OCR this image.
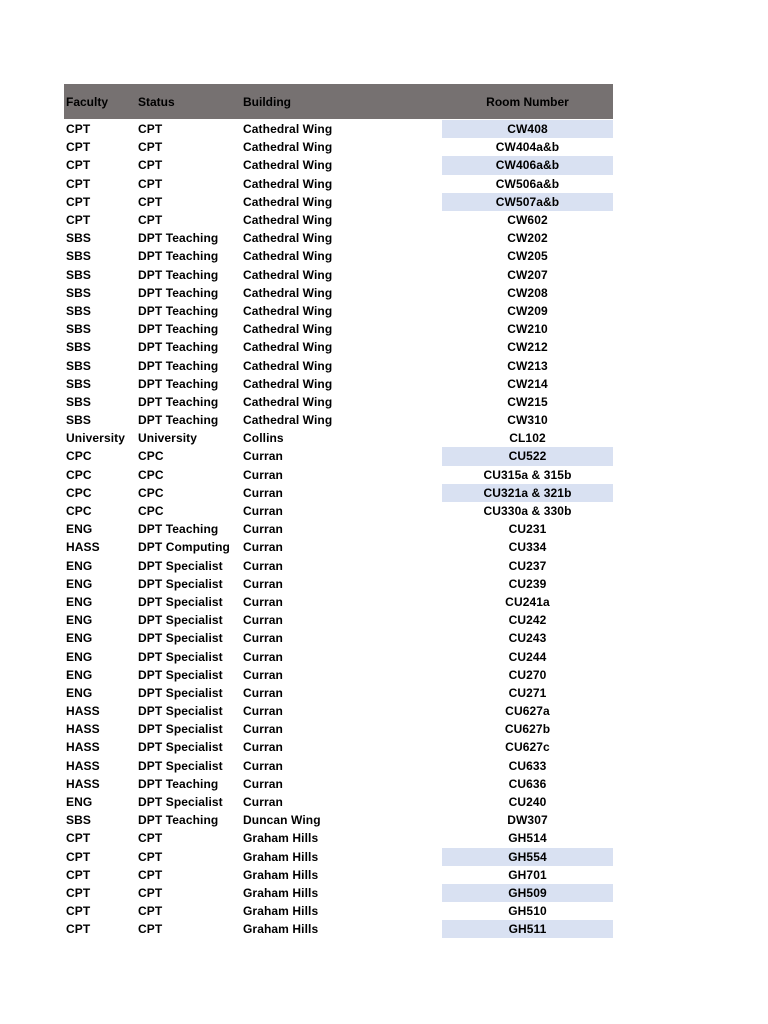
Faculty	Status	Building	Room Number
CPT	CPT	Cathedral Wing	CW408
CPT	CPT	Cathedral Wing	CW404a&b
CPT	CPT	Cathedral Wing	CW406a&b
CPT	CPT	Cathedral Wing	CW506a&b
CPT	CPT	Cathedral Wing	CW507a&b
CPT	CPT	Cathedral Wing	CW602
SBS	DPT Teaching	Cathedral Wing	CW202
SBS	DPT Teaching	Cathedral Wing	CW205
SBS	DPT Teaching	Cathedral Wing	CW207
SBS	DPT Teaching	Cathedral Wing	CW208
SBS	DPT Teaching	Cathedral Wing	CW209
SBS	DPT Teaching	Cathedral Wing	CW210
SBS	DPT Teaching	Cathedral Wing	CW212
SBS	DPT Teaching	Cathedral Wing	CW213
SBS	DPT Teaching	Cathedral Wing	CW214
SBS	DPT Teaching	Cathedral Wing	CW215
SBS	DPT Teaching	Cathedral Wing	CW310
University	University	Collins	CL102
CPC	CPC	Curran	CU522
CPC	CPC	Curran	CU315a & 315b
CPC	CPC	Curran	CU321a & 321b
CPC	CPC	Curran	CU330a & 330b
ENG	DPT Teaching	Curran	CU231
HASS	DPT Computing	Curran	CU334
ENG	DPT Specialist	Curran	CU237
ENG	DPT Specialist	Curran	CU239
ENG	DPT Specialist	Curran	CU241a
ENG	DPT Specialist	Curran	CU242
ENG	DPT Specialist	Curran	CU243
ENG	DPT Specialist	Curran	CU244
ENG	DPT Specialist	Curran	CU270
ENG	DPT Specialist	Curran	CU271
HASS	DPT Specialist	Curran	CU627a
HASS	DPT Specialist	Curran	CU627b
HASS	DPT Specialist	Curran	CU627c
HASS	DPT Specialist	Curran	CU633
HASS	DPT Teaching	Curran	CU636
ENG	DPT Specialist	Curran	CU240
SBS	DPT Teaching	Duncan Wing	DW307
CPT	CPT	Graham Hills	GH514
CPT	CPT	Graham Hills	GH554
CPT	CPT	Graham Hills	GH701
CPT	CPT	Graham Hills	GH509
CPT	CPT	Graham Hills	GH510
CPT	CPT	Graham Hills	GH511
